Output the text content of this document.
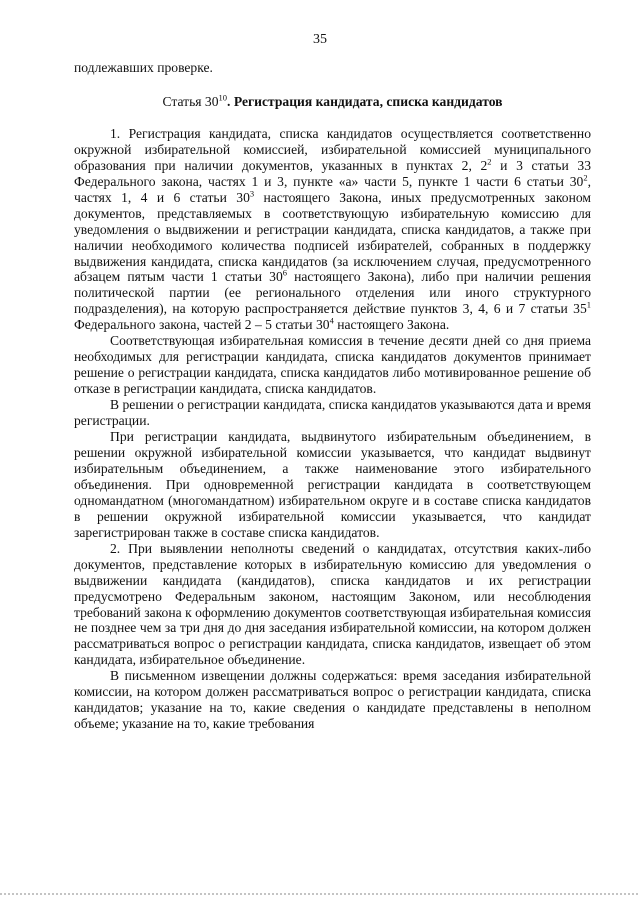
35

подлежавших проверке.

Статья $30^{10}$. Регистрация кандидата, списка кандидатов

1. Регистрация кандидата, списка кандидатов осуществляется соответственно окружной избирательной комиссией, избирательной комиссией муниципального образования при наличии документов, указанных в пунктах 2, $2^2$ и 3 статьи 33 Федерального закона, частях 1 и 3, пункте «а» части 5, пункте 1 части 6 статьи $30^2$, частях 1, 4 и 6 статьи $30^3$ настоящего Закона, иных предусмотренных законом документов, представляемых в соответствующую избирательную комиссию для уведомления о выдвижении и регистрации кандидата, списка кандидатов, а также при наличии необходимого количества подписей избирателей, собранных в поддержку выдвижения кандидата, списка кандидатов (за исключением случая, предусмотренного абзацем пятым части 1 статьи $30^6$ настоящего Закона), либо при наличии решения политической партии (ее регионального отделения или иного структурного подразделения), на которую распространяется действие пунктов 3, 4, 6 и 7 статьи $35^1$ Федерального закона, частей 2 – 5 статьи $30^4$ настоящего Закона.

Соответствующая избирательная комиссия в течение десяти дней со дня приема необходимых для регистрации кандидата, списка кандидатов документов принимает решение о регистрации кандидата, списка кандидатов либо мотивированное решение об отказе в регистрации кандидата, списка кандидатов.

В решении о регистрации кандидата, списка кандидатов указываются дата и время регистрации.

При регистрации кандидата, выдвинутого избирательным объединением, в решении окружной избирательной комиссии указывается, что кандидат выдвинут избирательным объединением, а также наименование этого избирательного объединения. При одновременной регистрации кандидата в соответствующем одномандатном (многомандатном) избирательном округе и в составе списка кандидатов в решении окружной избирательной комиссии указывается, что кандидат зарегистрирован также в составе списка кандидатов.

2. При выявлении неполноты сведений о кандидатах, отсутствия каких-либо документов, представление которых в избирательную комиссию для уведомления о выдвижении кандидата (кандидатов), списка кандидатов и их регистрации предусмотрено Федеральным законом, настоящим Законом, или несоблюдения требований закона к оформлению документов соответствующая избирательная комиссия не позднее чем за три дня до дня заседания избирательной комиссии, на котором должен рассматриваться вопрос о регистрации кандидата, списка кандидатов, извещает об этом кандидата, избирательное объединение.

В письменном извещении должны содержаться: время заседания избирательной комиссии, на котором должен рассматриваться вопрос о регистрации кандидата, списка кандидатов; указание на то, какие сведения о кандидате представлены в неполном объеме; указание на то, какие требования
